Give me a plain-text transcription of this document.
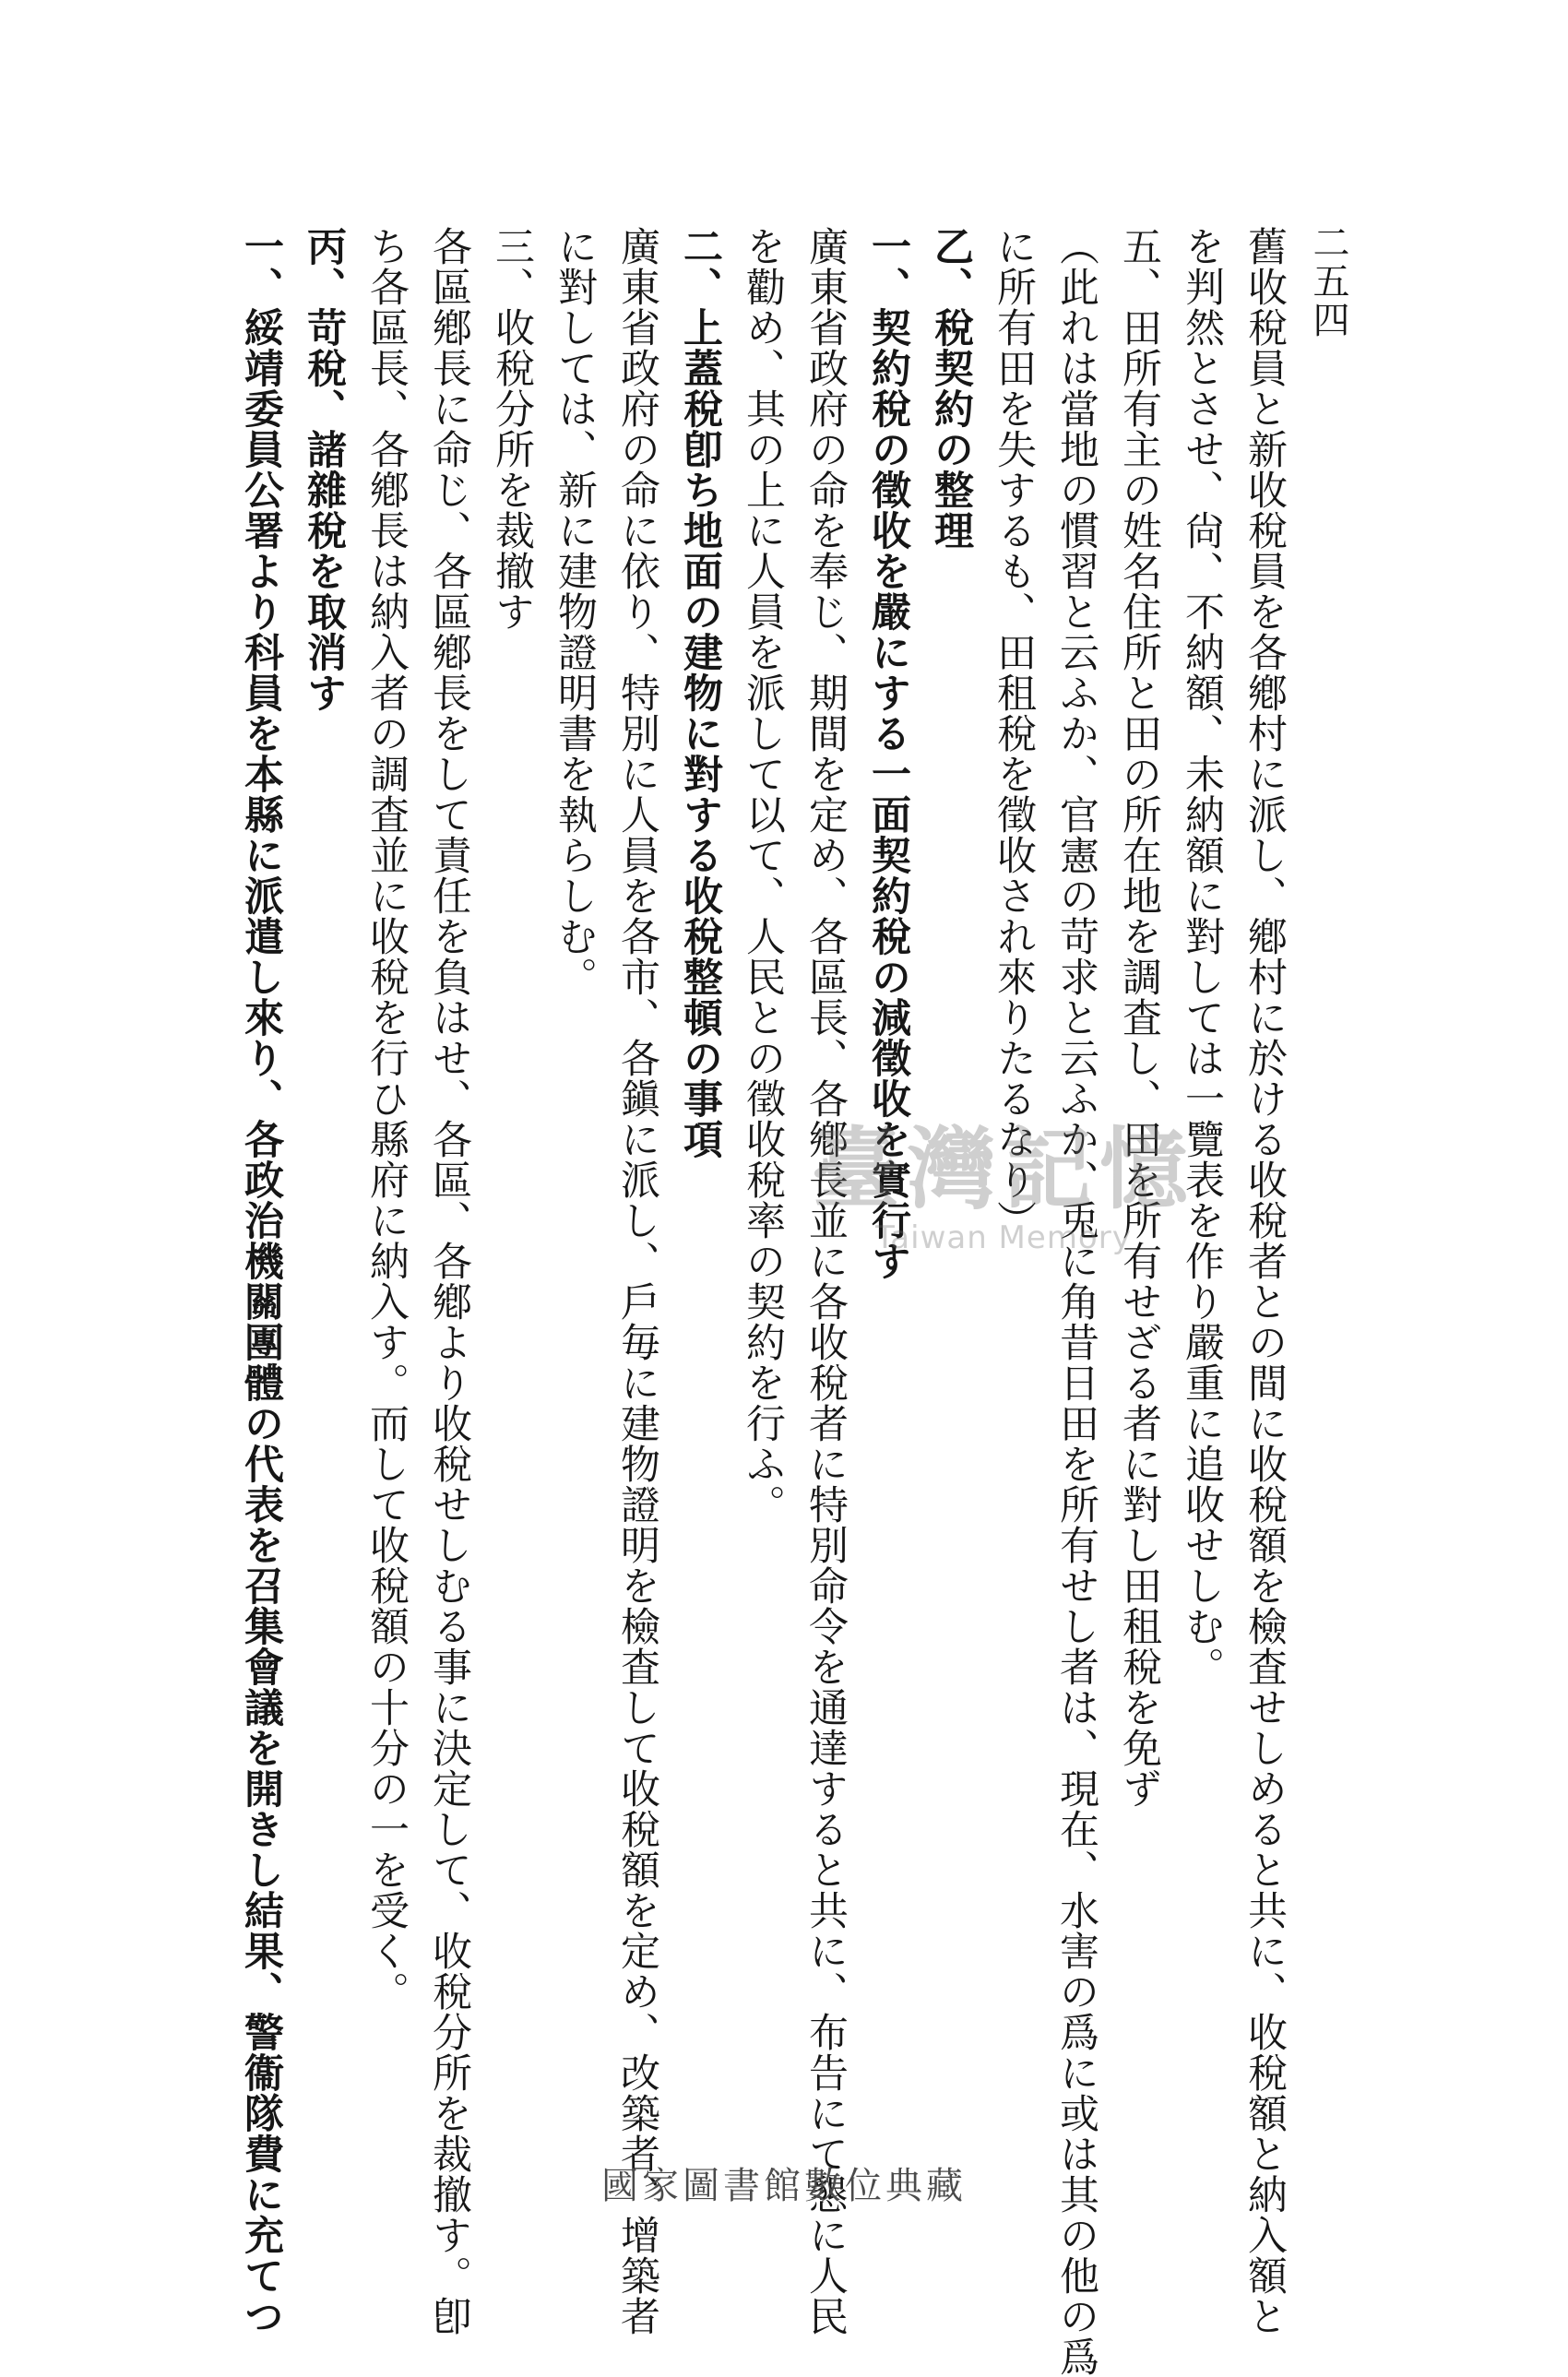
二五四
舊收稅員と新收稅員を各鄕村に派し、鄕村に於ける收稅者との間に收稅額を檢査せしめると共に、收稅額と納入額と
を判然とさせ、尙、不納額、未納額に對しては一覽表を作り嚴重に追收せしむ。
五、田所有主の姓名住所と田の所在地を調査し、田を所有せざる者に對し田租稅を免ず
（此れは當地の慣習と云ふか、官憲の苛求と云ふか、兎に角昔日田を所有せし者は、現在、水害の爲に或は其の他の爲
に所有田を失するも、田租稅を徵收され來りたるなり）
乙、稅契約の整理
一、契約稅の徵收を嚴にする一面契約稅の減徵收を實行す
廣東省政府の命を奉じ、期間を定め、各區長、各鄕長並に各收稅者に特別命令を通達すると共に、布告にて懇に人民
を勸め、其の上に人員を派して以て、人民との徵收稅率の契約を行ふ。
二、上蓋稅卽ち地面の建物に對する收稅整頓の事項
廣東省政府の命に依り、特別に人員を各市、各鎭に派し、戶毎に建物證明を檢査して收稅額を定め、改築者、增築者
に對しては、新に建物證明書を執らしむ。
三、收稅分所を裁撤す
各區鄕長に命じ、各區鄕長をして責任を負はせ、各區、各鄕より收稅せしむる事に決定して、收稅分所を裁撤す。卽
ち各區長、各鄕長は納入者の調査並に收稅を行ひ縣府に納入す。而して收稅額の十分の一を受く。
丙、苛稅、諸雜稅を取消す
一、綏靖委員公署より科員を本縣に派遣し來り、各政治機關團體の代表を召集會議を開きし結果、警衞隊費に充てつ	臺灣記憶
Taiwan Memory
國家圖書館數位典藏
